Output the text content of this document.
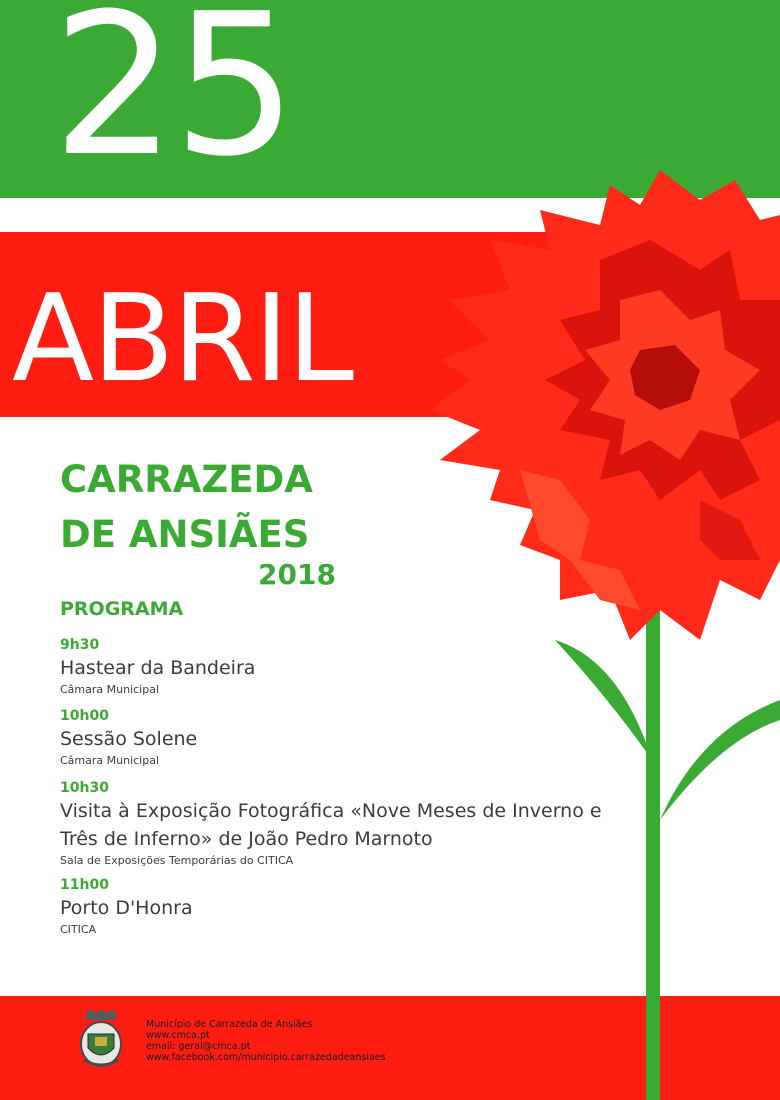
25
ABRIL
CARRAZEDA
DE ANSIÃES
2018
PROGRAMA
9h30
Hastear da Bandeira
Câmara Municipal
10h00
Sessão Solene
Câmara Municipal
10h30
Visita à Exposição Fotográfica «Nove Meses de Inverno e
Três de Inferno» de João Pedro Marnoto
Sala de Exposições Temporárias do CITICA
11h00
Porto D'Honra
CITICA
Município de Carrazeda de Ansiães
www.cmca.pt
email: geral@cmca.pt
www.facebook.com/municipio.carrazedadeansiaes
